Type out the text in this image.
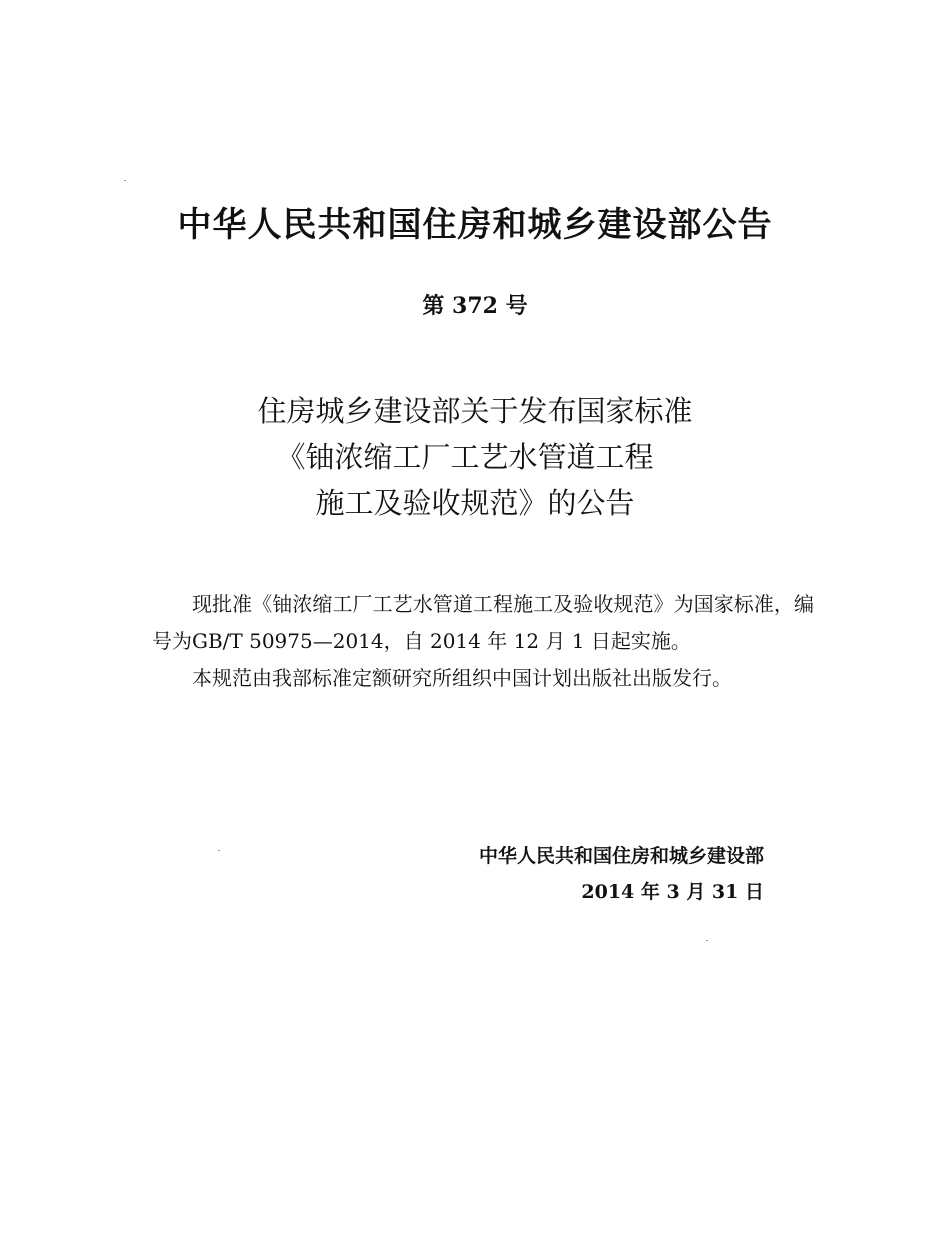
中华人民共和国住房和城乡建设部公告
第 372 号
住房城乡建设部关于发布国家标准
《铀浓缩工厂工艺水管道工程
施工及验收规范》的公告

现批准《铀浓缩工厂工艺水管道工程施工及验收规范》为国家标准，编号为GB/T 50975—2014，自 2014 年 12 月 1 日起实施。

本规范由我部标准定额研究所组织中国计划出版社出版发行。

中华人民共和国住房和城乡建设部
2014 年 3 月 31 日
